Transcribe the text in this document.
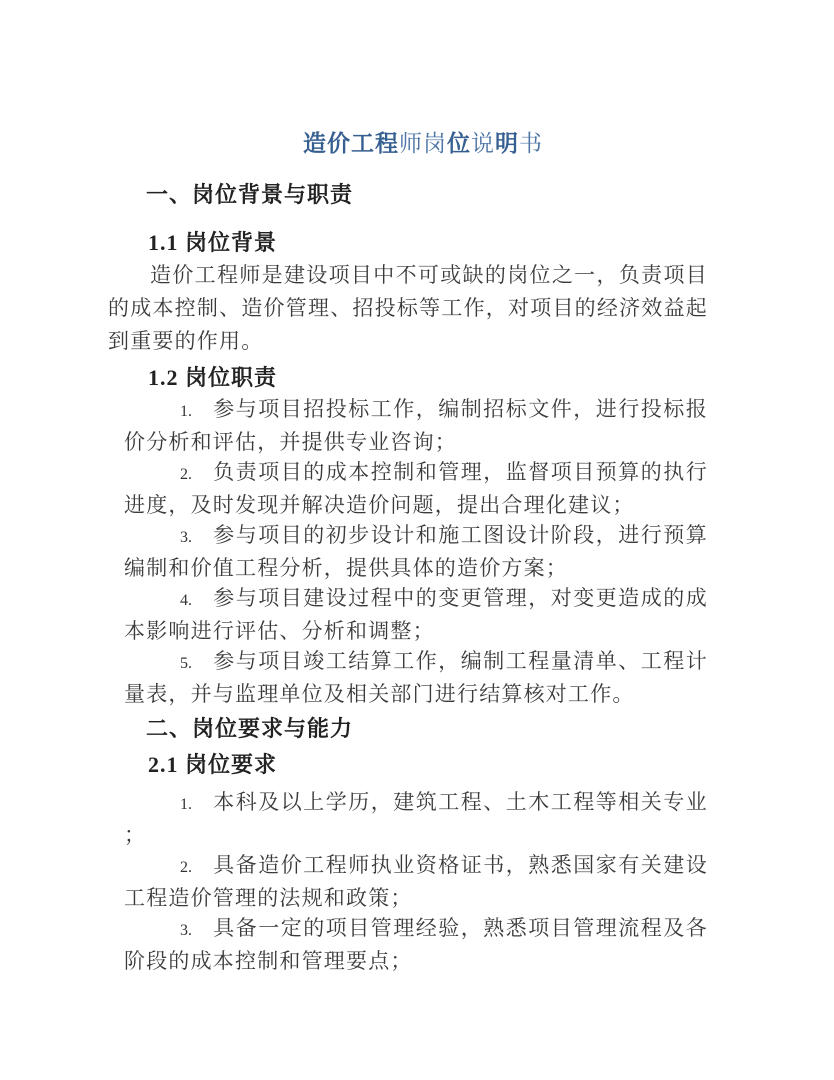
造价工程师岗位说明书
一、岗位背景与职责
1.1 岗位背景

造价工程师是建设项目中不可或缺的岗位之一，负责项目的成本控制、造价管理、招投标等工作，对项目的经济效益起到重要的作用。

1.2 岗位职责

1. 参与项目招投标工作，编制招标文件，进行投标报价分析和评估，并提供专业咨询；

2. 负责项目的成本控制和管理，监督项目预算的执行进度，及时发现并解决造价问题，提出合理化建议；

3. 参与项目的初步设计和施工图设计阶段，进行预算编制和价值工程分析，提供具体的造价方案；

4. 参与项目建设过程中的变更管理，对变更造成的成本影响进行评估、分析和调整；

5. 参与项目竣工结算工作，编制工程量清单、工程计量表，并与监理单位及相关部门进行结算核对工作。

二、岗位要求与能力
2.1 岗位要求

1. 本科及以上学历，建筑工程、土木工程等相关专业；

2. 具备造价工程师执业资格证书，熟悉国家有关建设工程造价管理的法规和政策；

3. 具备一定的项目管理经验，熟悉项目管理流程及各阶段的成本控制和管理要点；
